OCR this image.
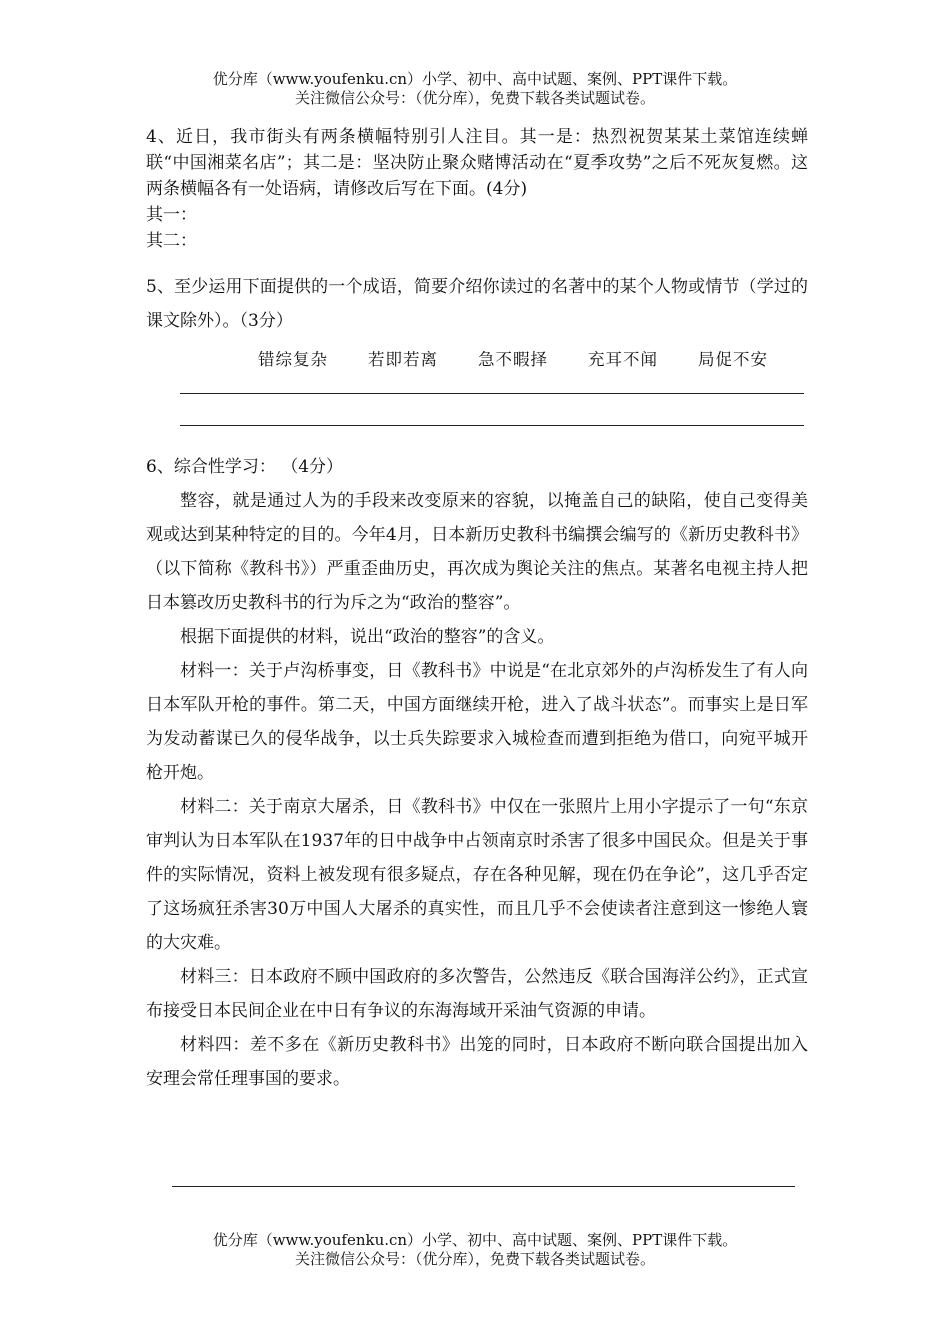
优分库（www.youfenku.cn）小学、初中、高中试题、案例、PPT课件下载。
关注微信公众号：（优分库），免费下载各类试题试卷。

4、近日，我市街头有两条横幅特别引人注目。其一是：热烈祝贺某某土菜馆连续蝉联“中国湘菜名店”；其二是：坚决防止聚众赌博活动在“夏季攻势”之后不死灰复燃。这两条横幅各有一处语病，请修改后写在下面。(4分)

其一：

其二：

5、至少运用下面提供的一个成语，简要介绍你读过的名著中的某个人物或情节（学过的课文除外）。（3分）

错综复杂 若即若离 急不暇择 充耳不闻 局促不安

6、综合性学习： （4分）

整容，就是通过人为的手段来改变原来的容貌，以掩盖自己的缺陷，使自己变得美观或达到某种特定的目的。今年4月，日本新历史教科书编撰会编写的《新历史教科书》（以下简称《教科书》）严重歪曲历史，再次成为舆论关注的焦点。某著名电视主持人把日本篡改历史教科书的行为斥之为“政治的整容”。

根据下面提供的材料，说出“政治的整容”的含义。

材料一：关于卢沟桥事变，日《教科书》中说是“在北京郊外的卢沟桥发生了有人向日本军队开枪的事件。第二天，中国方面继续开枪，进入了战斗状态”。而事实上是日军为发动蓄谋已久的侵华战争，以士兵失踪要求入城检查而遭到拒绝为借口，向宛平城开枪开炮。

材料二：关于南京大屠杀，日《教科书》中仅在一张照片上用小字提示了一句“东京审判认为日本军队在1937年的日中战争中占领南京时杀害了很多中国民众。但是关于事件的实际情况，资料上被发现有很多疑点，存在各种见解，现在仍在争论”，这几乎否定了这场疯狂杀害30万中国人大屠杀的真实性，而且几乎不会使读者注意到这一惨绝人寰的大灾难。

材料三：日本政府不顾中国政府的多次警告，公然违反《联合国海洋公约》，正式宣布接受日本民间企业在中日有争议的东海海域开采油气资源的申请。

材料四：差不多在《新历史教科书》出笼的同时，日本政府不断向联合国提出加入安理会常任理事国的要求。

优分库（www.youfenku.cn）小学、初中、高中试题、案例、PPT课件下载。
关注微信公众号：（优分库），免费下载各类试题试卷。
